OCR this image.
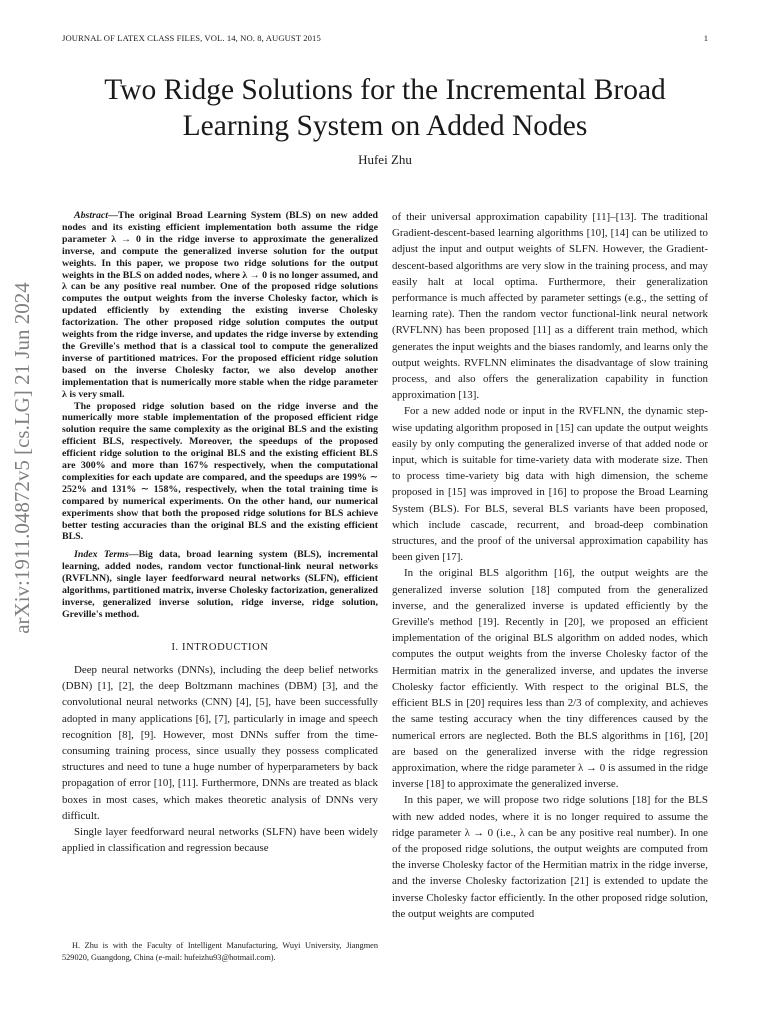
JOURNAL OF LATEX CLASS FILES, VOL. 14, NO. 8, AUGUST 2015	1
arXiv:1911.04872v5 [cs.LG] 21 Jun 2024
Two Ridge Solutions for the Incremental Broad Learning System on Added Nodes
Hufei Zhu

Abstract—The original Broad Learning System (BLS) on new added nodes and its existing efficient implementation both assume the ridge parameter λ → 0 in the ridge inverse to approximate the generalized inverse, and compute the generalized inverse solution for the output weights. In this paper, we propose two ridge solutions for the output weights in the BLS on added nodes, where λ → 0 is no longer assumed, and λ can be any positive real number. One of the proposed ridge solutions computes the output weights from the inverse Cholesky factor, which is updated efficiently by extending the existing inverse Cholesky factorization. The other proposed ridge solution computes the output weights from the ridge inverse, and updates the ridge inverse by extending the Greville's method that is a classical tool to compute the generalized inverse of partitioned matrices. For the proposed efficient ridge solution based on the inverse Cholesky factor, we also develop another implementation that is numerically more stable when the ridge parameter λ is very small.

The proposed ridge solution based on the ridge inverse and the numerically more stable implementation of the proposed efficient ridge solution require the same complexity as the original BLS and the existing efficient BLS, respectively. Moreover, the speedups of the proposed efficient ridge solution to the original BLS and the existing efficient BLS are 300% and more than 167% respectively, when the computational complexities for each update are compared, and the speedups are 199% ∼ 252% and 131% ∼ 158%, respectively, when the total training time is compared by numerical experiments. On the other hand, our numerical experiments show that both the proposed ridge solutions for BLS achieve better testing accuracies than the original BLS and the existing efficient BLS.

Index Terms—Big data, broad learning system (BLS), incremental learning, added nodes, random vector functional-link neural networks (RVFLNN), single layer feedforward neural networks (SLFN), efficient algorithms, partitioned matrix, inverse Cholesky factorization, generalized inverse, generalized inverse solution, ridge inverse, ridge solution, Greville's method.
I. INTRODUCTION

Deep neural networks (DNNs), including the deep belief networks (DBN) [1], [2], the deep Boltzmann machines (DBM) [3], and the convolutional neural networks (CNN) [4], [5], have been successfully adopted in many applications [6], [7], particularly in image and speech recognition [8], [9]. However, most DNNs suffer from the time-consuming training process, since usually they possess complicated structures and need to tune a huge number of hyperparameters by back propagation of error [10], [11]. Furthermore, DNNs are treated as black boxes in most cases, which makes theoretic analysis of DNNs very difficult.

Single layer feedforward neural networks (SLFN) have been widely applied in classification and regression because

H. Zhu is with the Faculty of Intelligent Manufacturing, Wuyi University, Jiangmen 529020, Guangdong, China (e-mail: hufeizhu93@hotmail.com).

of their universal approximation capability [11]–[13]. The traditional Gradient-descent-based learning algorithms [10], [14] can be utilized to adjust the input and output weights of SLFN. However, the Gradient-descent-based algorithms are very slow in the training process, and may easily halt at local optima. Furthermore, their generalization performance is much affected by parameter settings (e.g., the setting of learning rate). Then the random vector functional-link neural network (RVFLNN) has been proposed [11] as a different train method, which generates the input weights and the biases randomly, and learns only the output weights. RVFLNN eliminates the disadvantage of slow training process, and also offers the generalization capability in function approximation [13].

For a new added node or input in the RVFLNN, the dynamic step-wise updating algorithm proposed in [15] can update the output weights easily by only computing the generalized inverse of that added node or input, which is suitable for time-variety data with moderate size. Then to process time-variety big data with high dimension, the scheme proposed in [15] was improved in [16] to propose the Broad Learning System (BLS). For BLS, several BLS variants have been proposed, which include cascade, recurrent, and broad-deep combination structures, and the proof of the universal approximation capability has been given [17].

In the original BLS algorithm [16], the output weights are the generalized inverse solution [18] computed from the generalized inverse, and the generalized inverse is updated efficiently by the Greville's method [19]. Recently in [20], we proposed an efficient implementation of the original BLS algorithm on added nodes, which computes the output weights from the inverse Cholesky factor of the Hermitian matrix in the generalized inverse, and updates the inverse Cholesky factor efficiently. With respect to the original BLS, the efficient BLS in [20] requires less than 2/3 of complexity, and achieves the same testing accuracy when the tiny differences caused by the numerical errors are neglected. Both the BLS algorithms in [16], [20] are based on the generalized inverse with the ridge regression approximation, where the ridge parameter λ → 0 is assumed in the ridge inverse [18] to approximate the generalized inverse.

In this paper, we will propose two ridge solutions [18] for the BLS with new added nodes, where it is no longer required to assume the ridge parameter λ → 0 (i.e., λ can be any positive real number). In one of the proposed ridge solutions, the output weights are computed from the inverse Cholesky factor of the Hermitian matrix in the ridge inverse, and the inverse Cholesky factorization [21] is extended to update the inverse Cholesky factor efficiently. In the other proposed ridge solution, the output weights are computed
